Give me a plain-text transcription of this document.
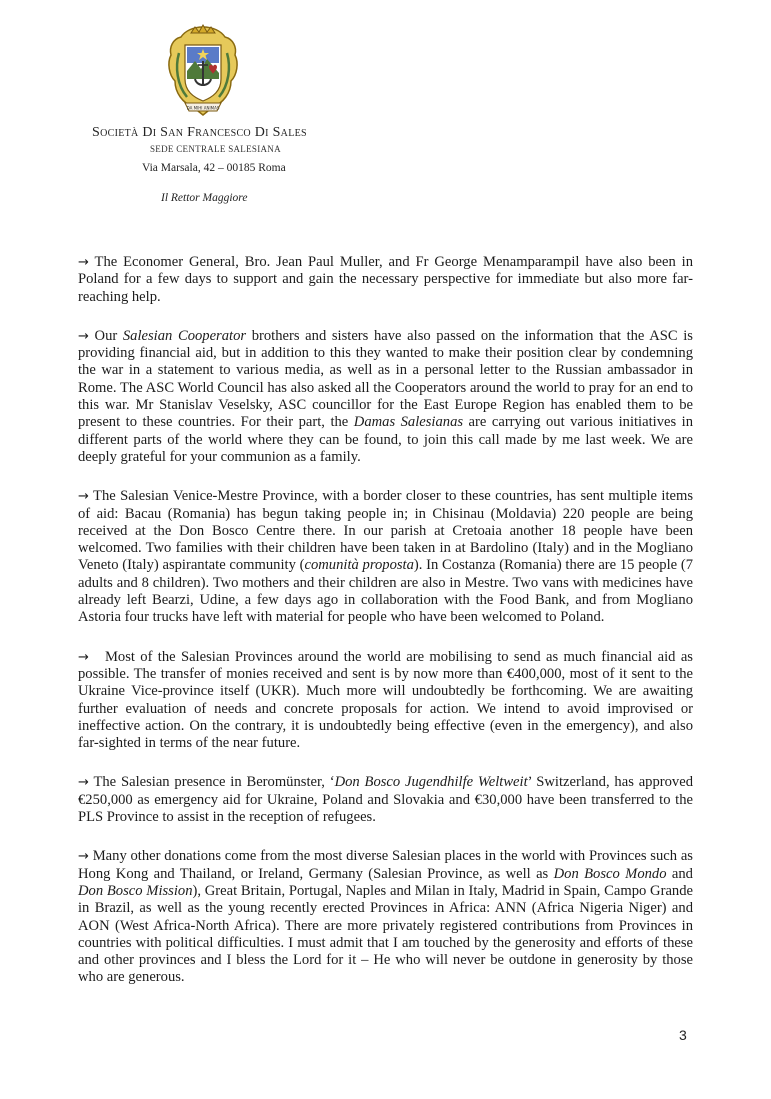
DA MIHI ANIMAS
Società Di San Francesco Di Sales
SEDE CENTRALE SALESIANA
Via Marsala, 42 – 00185 Roma
Il Rettor Maggiore

→ The Economer General, Bro. Jean Paul Muller, and Fr George Menamparampil have also been in Poland for a few days to support and gain the necessary perspective for immediate but also more far-reaching help.

→ Our Salesian Cooperator brothers and sisters have also passed on the information that the ASC is providing financial aid, but in addition to this they wanted to make their position clear by condemning the war in a statement to various media, as well as in a personal letter to the Russian ambassador in Rome. The ASC World Council has also asked all the Cooperators around the world to pray for an end to this war. Mr Stanislav Veselsky, ASC councillor for the East Europe Region has enabled them to be present to these countries. For their part, the Damas Salesianas are carrying out various initiatives in different parts of the world where they can be found, to join this call made by me last week. We are deeply grateful for your communion as a family.

→ The Salesian Venice-Mestre Province, with a border closer to these countries, has sent multiple items of aid: Bacau (Romania) has begun taking people in; in Chisinau (Moldavia) 220 people are being received at the Don Bosco Centre there. In our parish at Cretoaia another 18 people have been welcomed. Two families with their children have been taken in at Bardolino (Italy) and in the Mogliano Veneto (Italy) aspirantate community (comunità proposta). In Costanza (Romania) there are 15 people (7 adults and 8 children). Two mothers and their children are also in Mestre. Two vans with medicines have already left Bearzi, Udine, a few days ago in collaboration with the Food Bank, and from Mogliano Astoria four trucks have left with material for people who have been welcomed to Poland.

→ Most of the Salesian Provinces around the world are mobilising to send as much financial aid as possible. The transfer of monies received and sent is by now more than €400,000, most of it sent to the Ukraine Vice-province itself (UKR). Much more will undoubtedly be forthcoming. We are awaiting further evaluation of needs and concrete proposals for action. We intend to avoid improvised or ineffective action. On the contrary, it is undoubtedly being effective (even in the emergency), and also far-sighted in terms of the near future.

→ The Salesian presence in Beromünster, ‘Don Bosco Jugendhilfe Weltweit’ Switzerland, has approved €250,000 as emergency aid for Ukraine, Poland and Slovakia and €30,000 have been transferred to the PLS Province to assist in the reception of refugees.

→ Many other donations come from the most diverse Salesian places in the world with Provinces such as Hong Kong and Thailand, or Ireland, Germany (Salesian Province, as well as Don Bosco Mondo and Don Bosco Mission), Great Britain, Portugal, Naples and Milan in Italy, Madrid in Spain, Campo Grande in Brazil, as well as the young recently erected Provinces in Africa: ANN (Africa Nigeria Niger) and AON (West Africa-North Africa). There are more privately registered contributions from Provinces in countries with political difficulties. I must admit that I am touched by the generosity and efforts of these and other provinces and I bless the Lord for it – He who will never be outdone in generosity by those who are generous.

3
